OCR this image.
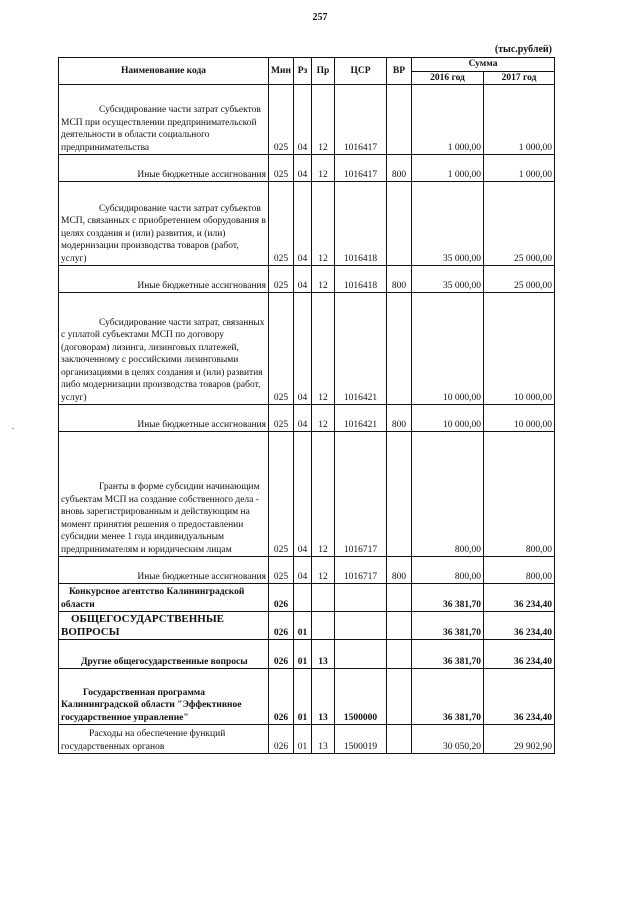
257
(тыс.рублей)
Наименование кода	Мин	Рз	Пр	ЦСР	ВР	Сумма	
						2016 год	2017 год

Субсидирование части затрат субъектов МСП при осуществлении предпринимательской деятельности в области социального предпринимательства	025	04	12	1016417		1 000,00	1 000,00
Иные бюджетные ассигнования	025	04	12	1016417	800	1 000,00	1 000,00

Субсидирование части затрат субъектов МСП, связанных с приобретением оборудования в целях создания и (или) развития, и (или) модернизации производства товаров (работ, услуг)	025	04	12	1016418		35 000,00	25 000,00
Иные бюджетные ассигнования	025	04	12	1016418	800	35 000,00	25 000,00

Субсидирование части затрат, связанных с уплатой субъектами МСП по договору (договорам) лизинга, лизинговых платежей, заключенному с российскими лизинговыми организациями в целях создания и (или) развития либо модернизации производства товаров (работ, услуг)	025	04	12	1016421		10 000,00	10 000,00
Иные бюджетные ассигнования	025	04	12	1016421	800	10 000,00	10 000,00

Гранты в форме субсидии начинающим субъектам МСП на создание собственного дела - вновь зарегистрированным и действующим на момент принятия решения о предоставлении субсидии менее 1 года индивидуальным предпринимателям и юридическим лицам	025	04	12	1016717		800,00	800,00
Иные бюджетные ассигнования	025	04	12	1016717	800	800,00	800,00

Конкурсное агентство Калининградской области	026					36 381,70	36 234,40

ОБЩЕГОСУДАРСТВЕННЫЕ ВОПРОСЫ	026	01				36 381,70	36 234,40

Другие общегосударственные вопросы	026	01	13			36 381,70	36 234,40

Государственная программа Калининградской области "Эффективное государственное управление"	026	01	13	1500000		36 381,70	36 234,40

Расходы на обеспечение функций государственных органов	026	01	13	1500019		30 050,20	29 902,90
